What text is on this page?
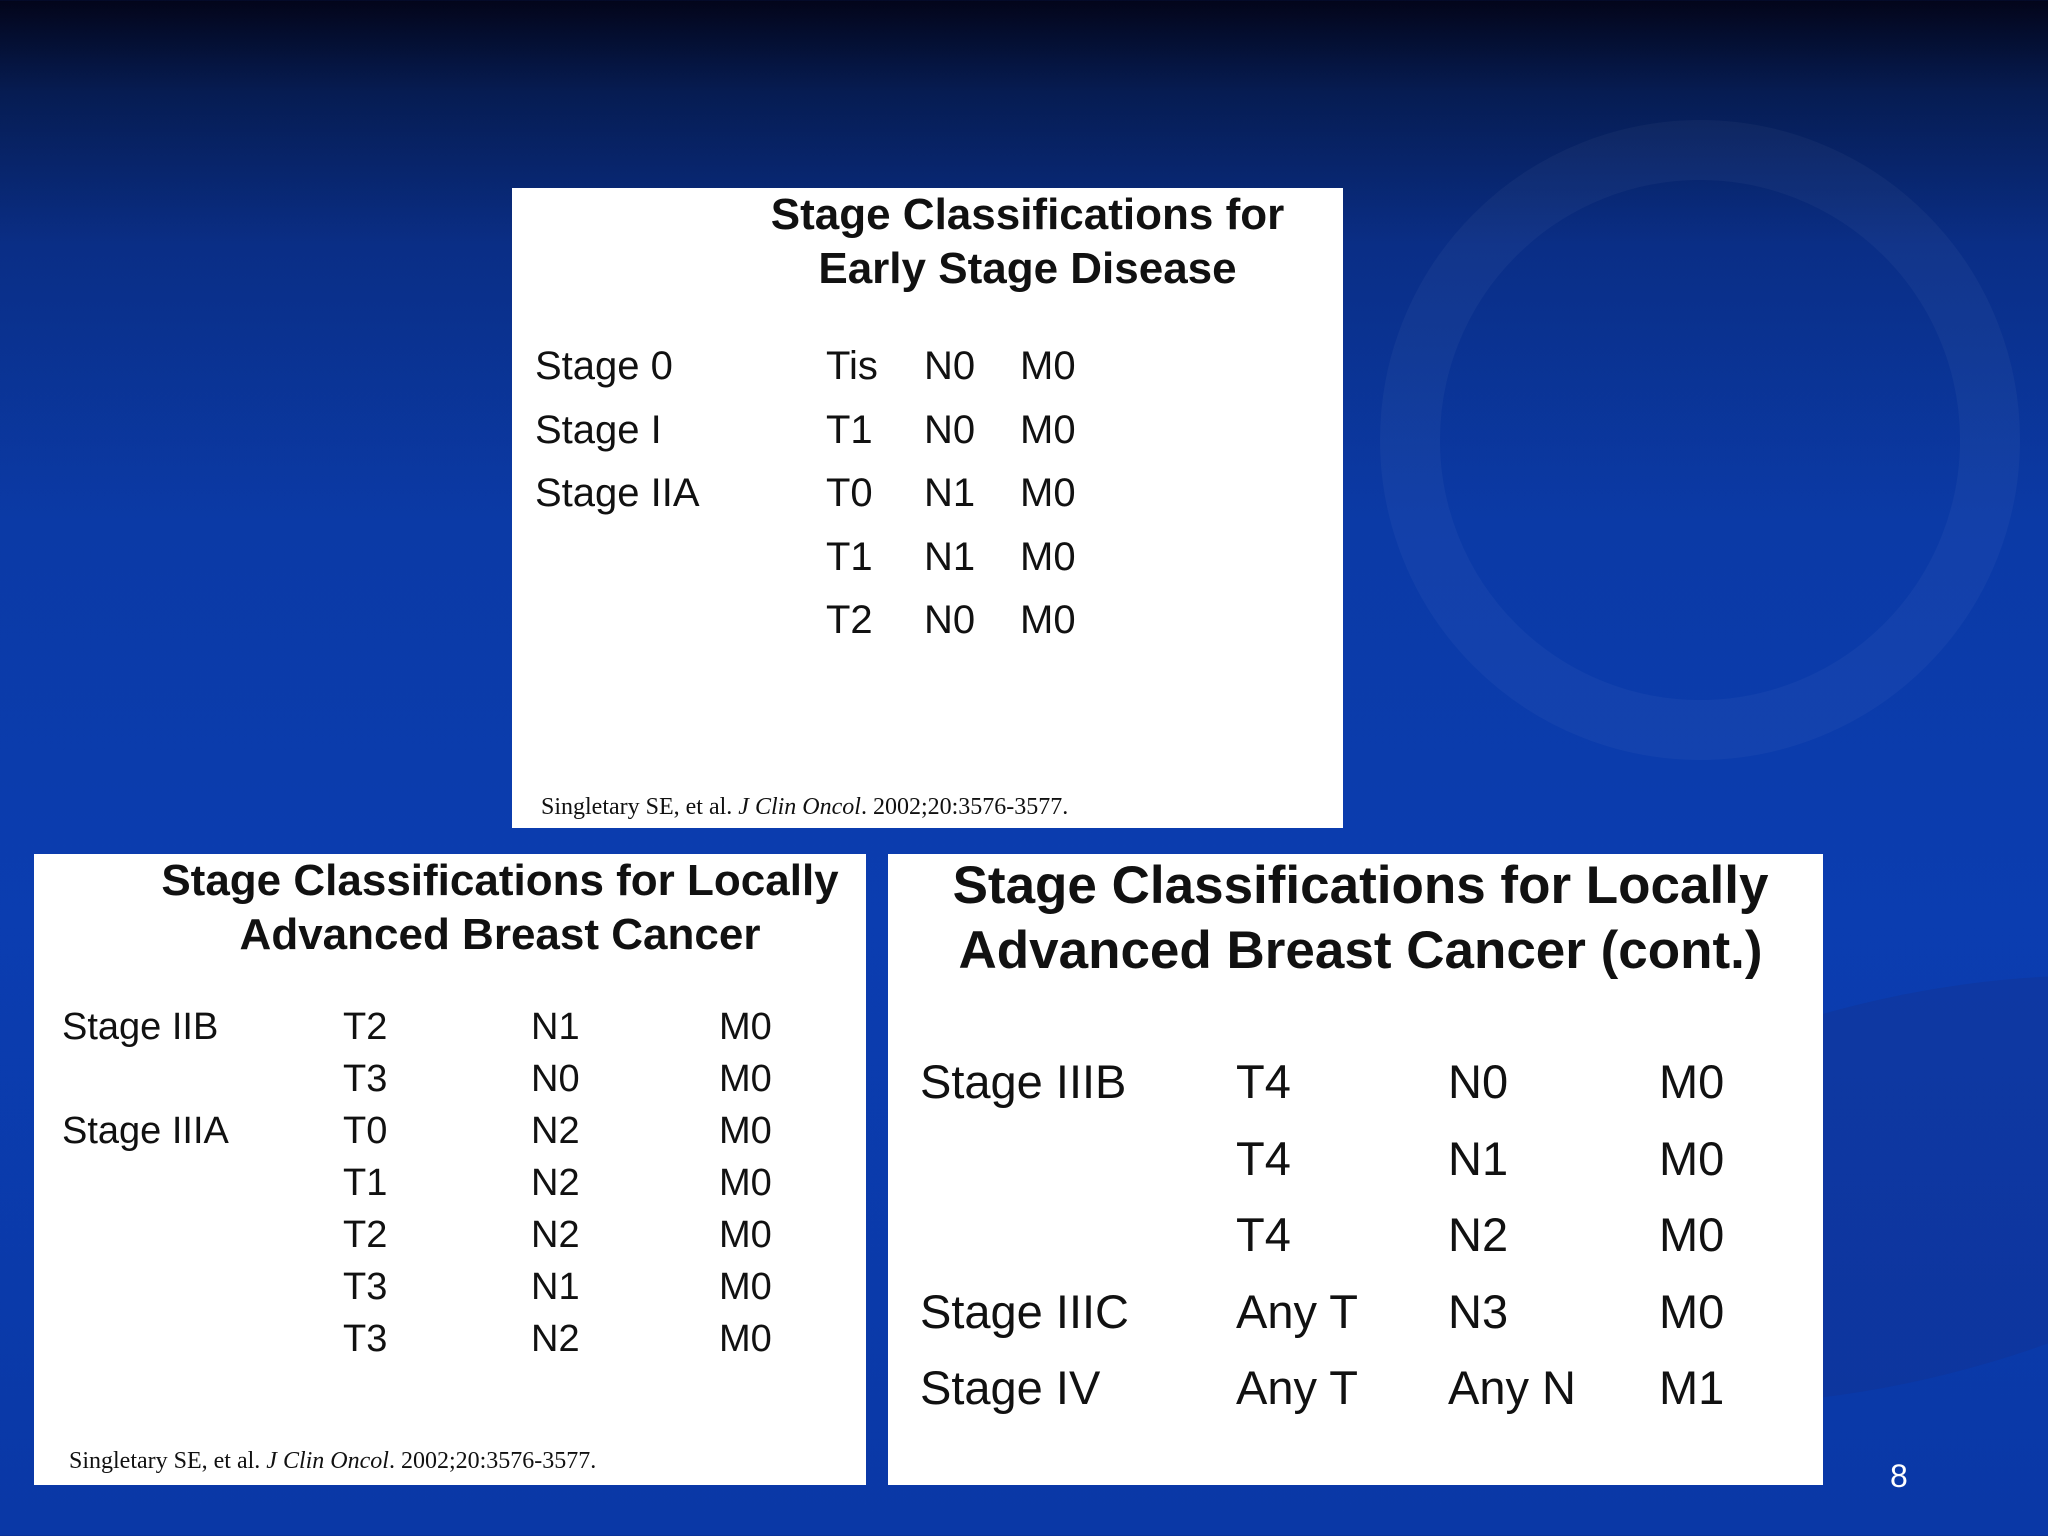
Stage Classifications for
Early Stage Disease
Stage 0	Tis N0 M0
Stage I	T1 N0 M0
Stage IIA	T0 N1 M0
T1 N1 M0
T2 N0 M0
Singletary SE, et al. J Clin Oncol. 2002;20:3576-3577.
Stage Classifications for Locally
Advanced Breast Cancer
Stage IIB	T2	N1	M0
T3	N0	M0
Stage IIIA	T0	N2	M0
T1	N2	M0
T2	N2	M0
T3	N1	M0
T3	N2	M0
Singletary SE, et al. J Clin Oncol. 2002;20:3576-3577.
Stage Classifications for Locally
Advanced Breast Cancer (cont.)
Stage IIIB T4	N0	M0
T4	N1	M0
T4	N2	M0
Stage IIIC Any T N3	M0
Stage IV	Any T Any N M1
8
